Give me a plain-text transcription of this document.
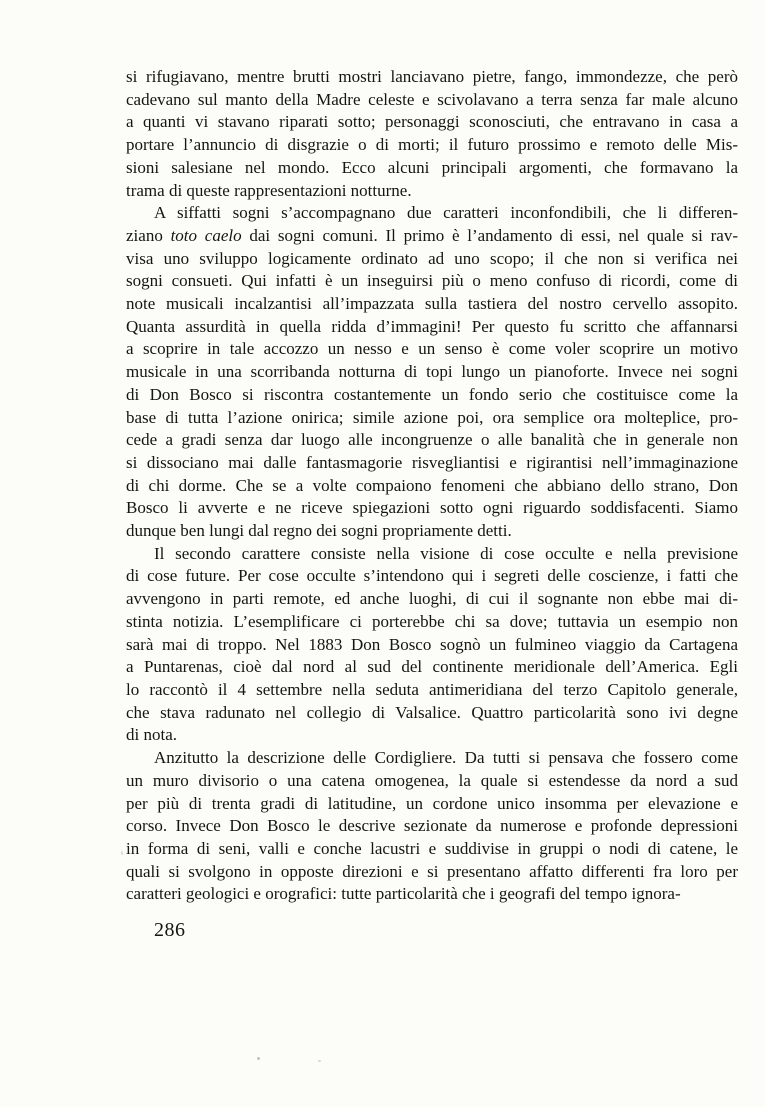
si rifugiavano, mentre brutti mostri lanciavano pietre, fango, immondezze, che però
cadevano sul manto della Madre celeste e scivolavano a terra senza far male alcuno
a quanti vi stavano riparati sotto; personaggi sconosciuti, che entravano in casa a
portare l’annuncio di disgrazie o di morti; il futuro prossimo e remoto delle Mis-
sioni salesiane nel mondo. Ecco alcuni principali argomenti, che formavano la
trama di queste rappresentazioni notturne.
A siffatti sogni s’accompagnano due caratteri inconfondibili, che li differen-
ziano toto caelo dai sogni comuni. Il primo è l’andamento di essi, nel quale si rav-
visa uno sviluppo logicamente ordinato ad uno scopo; il che non si verifica nei
sogni consueti. Qui infatti è un inseguirsi più o meno confuso di ricordi, come di
note musicali incalzantisi all’impazzata sulla tastiera del nostro cervello assopito.
Quanta assurdità in quella ridda d’immagini! Per questo fu scritto che affannarsi
a scoprire in tale accozzo un nesso e un senso è come voler scoprire un motivo
musicale in una scorribanda notturna di topi lungo un pianoforte. Invece nei sogni
di Don Bosco si riscontra costantemente un fondo serio che costituisce come la
base di tutta l’azione onirica; simile azione poi, ora semplice ora molteplice, pro-
cede a gradi senza dar luogo alle incongruenze o alle banalità che in generale non
si dissociano mai dalle fantasmagorie risvegliantisi e rigirantisi nell’immaginazione
di chi dorme. Che se a volte compaiono fenomeni che abbiano dello strano, Don
Bosco li avverte e ne riceve spiegazioni sotto ogni riguardo soddisfacenti. Siamo
dunque ben lungi dal regno dei sogni propriamente detti.
Il secondo carattere consiste nella visione di cose occulte e nella previsione
di cose future. Per cose occulte s’intendono qui i segreti delle coscienze, i fatti che
avvengono in parti remote, ed anche luoghi, di cui il sognante non ebbe mai di-
stinta notizia. L’esemplificare ci porterebbe chi sa dove; tuttavia un esempio non
sarà mai di troppo. Nel 1883 Don Bosco sognò un fulmineo viaggio da Cartagena
a Puntarenas, cioè dal nord al sud del continente meridionale dell’America. Egli
lo raccontò il 4 settembre nella seduta antimeridiana del terzo Capitolo generale,
che stava radunato nel collegio di Valsalice. Quattro particolarità sono ivi degne
di nota.
Anzitutto la descrizione delle Cordigliere. Da tutti si pensava che fossero come
un muro divisorio o una catena omogenea, la quale si estendesse da nord a sud
per più di trenta gradi di latitudine, un cordone unico insomma per elevazione e
corso. Invece Don Bosco le descrive sezionate da numerose e profonde depressioni
in forma di seni, valli e conche lacustri e suddivise in gruppi o nodi di catene, le
quali si svolgono in opposte direzioni e si presentano affatto differenti fra loro per
caratteri geologici e orografici: tutte particolarità che i geografi del tempo ignora-
286
